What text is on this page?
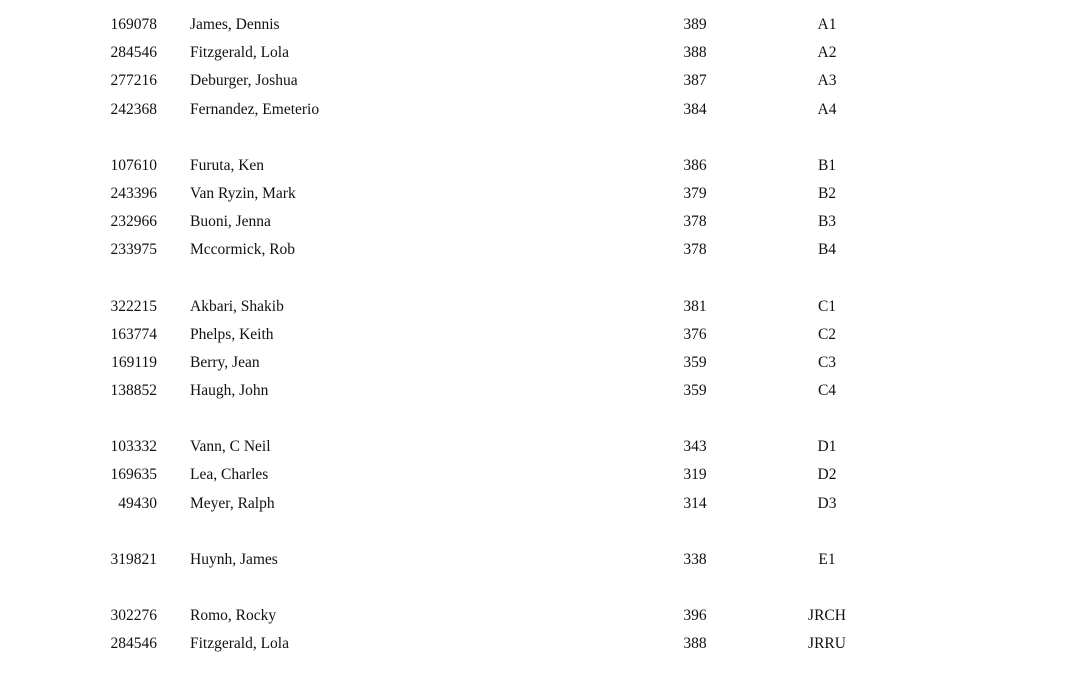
169078 James, Dennis	389	A1
284546 Fitzgerald, Lola	388	A2
277216 Deburger, Joshua	387	A3
242368 Fernandez, Emeterio	384	A4
107610 Furuta, Ken	386	B1
243396 Van Ryzin, Mark	379	B2
232966 Buoni, Jenna	378	B3
233975 Mccormick, Rob	378	B4
322215 Akbari, Shakib	381	C1
163774 Phelps, Keith	376	C2
169119 Berry, Jean	359	C3
138852 Haugh, John	359	C4
103332 Vann, C Neil	343	D1
169635 Lea, Charles	319	D2
49430 Meyer, Ralph	314	D3
319821 Huynh, James	338	E1
302276 Romo, Rocky	396	JRCH
284546 Fitzgerald, Lola	388	JRRU
